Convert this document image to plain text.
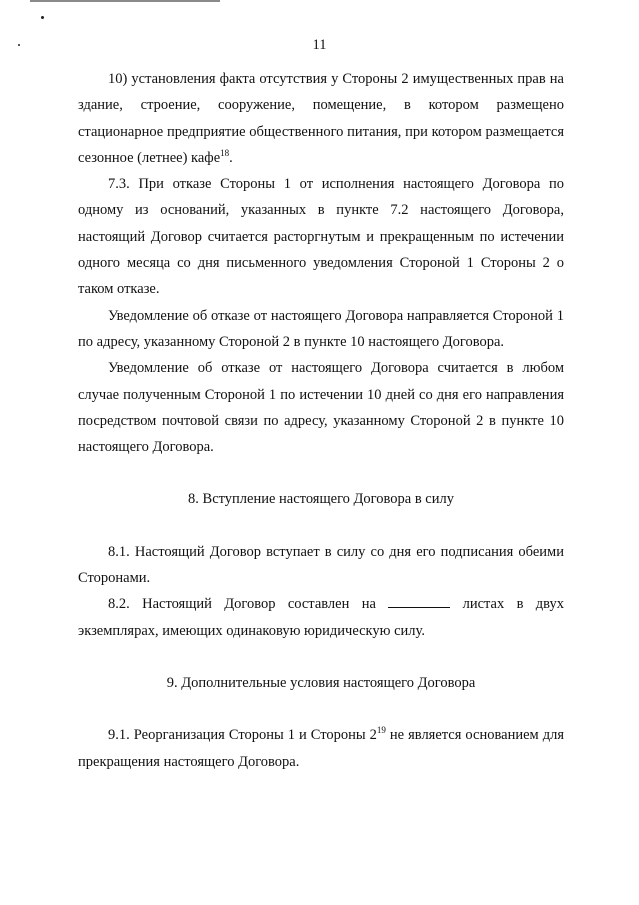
11

10) установления факта отсутствия у Стороны 2 имущественных прав на здание, строение, сооружение, помещение, в котором размещено стационарное предприятие общественного питания, при котором размещается сезонное (летнее) кафе$^{18}$.

7.3. При отказе Стороны 1 от исполнения настоящего Договора по одному из оснований, указанных в пункте 7.2 настоящего Договора, настоящий Договор считается расторгнутым и прекращенным по истечении одного месяца со дня письменного уведомления Стороной 1 Стороны 2 о таком отказе.

Уведомление об отказе от настоящего Договора направляется Стороной 1 по адресу, указанному Стороной 2 в пункте 10 настоящего Договора.

Уведомление об отказе от настоящего Договора считается в любом случае полученным Стороной 1 по истечении 10 дней со дня его направления посредством почтовой связи по адресу, указанному Стороной 2 в пункте 10 настоящего Договора.

8. Вступление настоящего Договора в силу

8.1. Настоящий Договор вступает в силу со дня его подписания обеими Сторонами.

8.2. Настоящий Договор составлен на	листах в двух экземплярах, имеющих одинаковую юридическую силу.

9. Дополнительные условия настоящего Договора

9.1. Реорганизация Стороны 1 и Стороны $2^{19}$ не является основанием для прекращения настоящего Договора.
